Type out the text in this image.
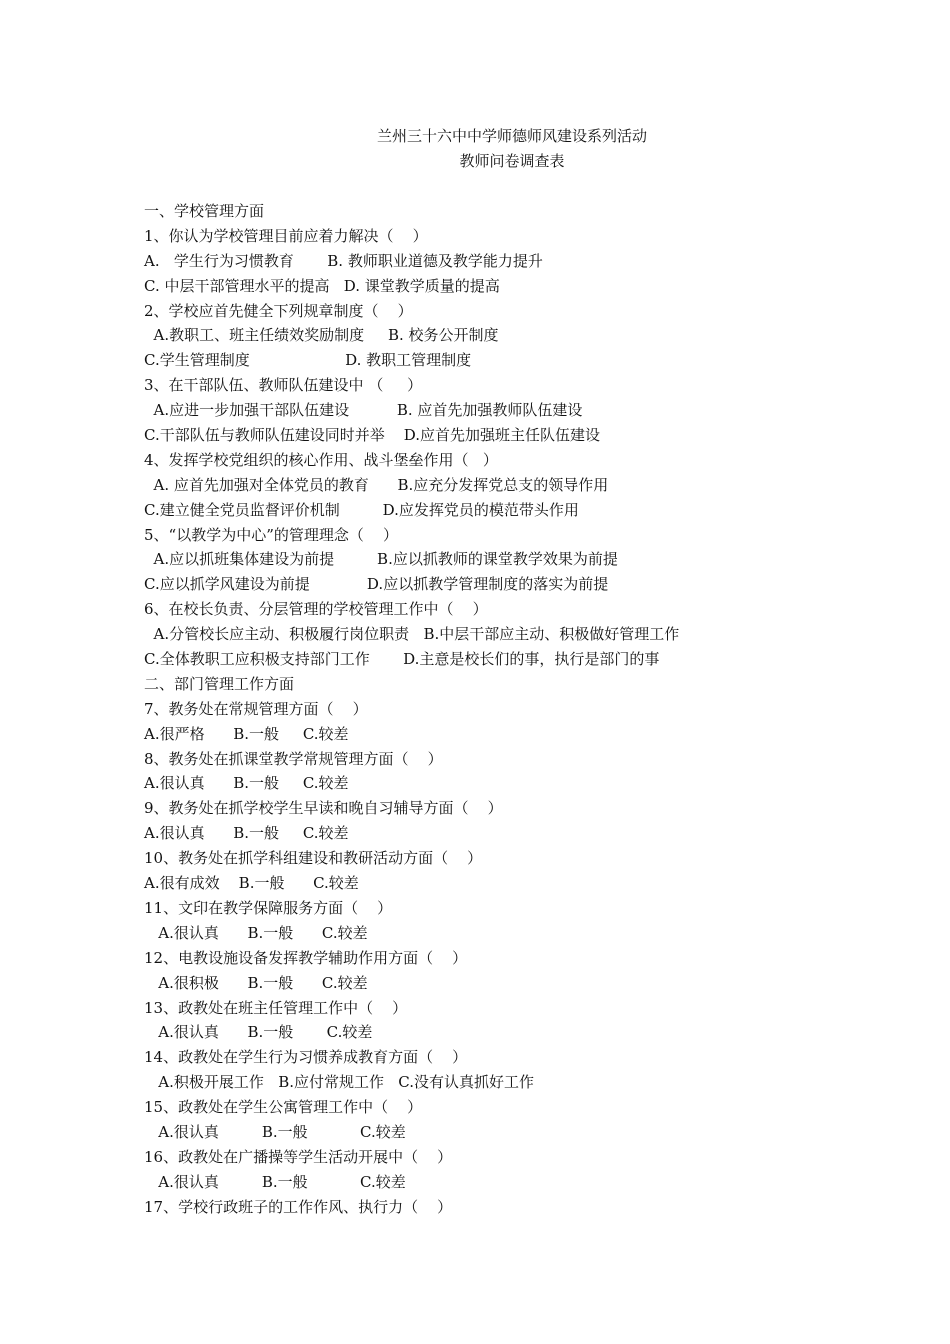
兰州三十六中中学师德师风建设系列活动
教师问卷调查表
一、学校管理方面
1、你认为学校管理目前应着力解决（    ）
A.   学生行为习惯教育       B. 教师职业道德及教学能力提升
C. 中层干部管理水平的提高   D. 课堂教学质量的提高
2、学校应首先健全下列规章制度（    ）
A.教职工、班主任绩效奖励制度     B. 校务公开制度
C.学生管理制度                    D. 教职工管理制度
3、在干部队伍、教师队伍建设中 （     ）
A.应进一步加强干部队伍建设          B. 应首先加强教师队伍建设
C.干部队伍与教师队伍建设同时并举    D.应首先加强班主任队伍建设
4、发挥学校党组织的核心作用、战斗堡垒作用（   ）
A. 应首先加强对全体党员的教育      B.应充分发挥党总支的领导作用
C.建立健全党员监督评价机制         D.应发挥党员的模范带头作用
5、“以教学为中心”的管理理念（    ）
A.应以抓班集体建设为前提         B.应以抓教师的课堂教学效果为前提
C.应以抓学风建设为前提            D.应以抓教学管理制度的落实为前提
6、在校长负责、分层管理的学校管理工作中（    ）
A.分管校长应主动、积极履行岗位职责   B.中层干部应主动、积极做好管理工作
C.全体教职工应积极支持部门工作       D.主意是校长们的事，执行是部门的事
二、部门管理工作方面
7、教务处在常规管理方面（    ）
A.很严格      B.一般     C.较差
8、教务处在抓课堂教学常规管理方面（    ）
A.很认真      B.一般     C.较差
9、教务处在抓学校学生早读和晚自习辅导方面（    ）
A.很认真      B.一般     C.较差
10、教务处在抓学科组建设和教研活动方面（    ）
A.很有成效    B.一般      C.较差
11、文印在教学保障服务方面（    ）
A.很认真      B.一般      C.较差
12、电教设施设备发挥教学辅助作用方面（    ）
A.很积极      B.一般      C.较差
13、政教处在班主任管理工作中（    ）
A.很认真      B.一般       C.较差
14、政教处在学生行为习惯养成教育方面（    ）
A.积极开展工作   B.应付常规工作   C.没有认真抓好工作
15、政教处在学生公寓管理工作中（    ）
A.很认真         B.一般           C.较差
16、政教处在广播操等学生活动开展中（    ）
A.很认真         B.一般           C.较差
17、学校行政班子的工作作风、执行力（    ）
